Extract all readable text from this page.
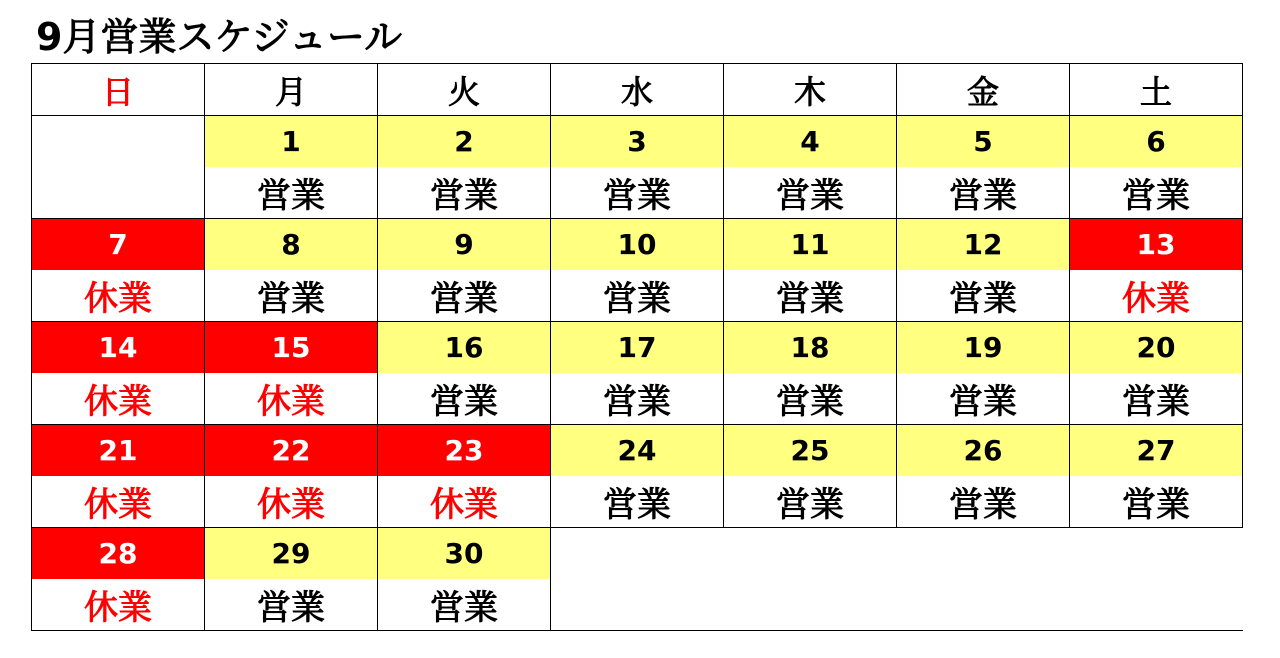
9月営業スケジュール
日	月	火	水	木	金	土
	1	2	3	4	5	6
	営業	営業	営業	営業	営業	営業
7	8	9	10	11	12	13
休業	営業	営業	営業	営業	営業	休業
14	15	16	17	18	19	20
休業	休業	営業	営業	営業	営業	営業
21	22	23	24	25	26	27
休業	休業	休業	営業	営業	営業	営業
28	29	30				
休業	営業	営業				
